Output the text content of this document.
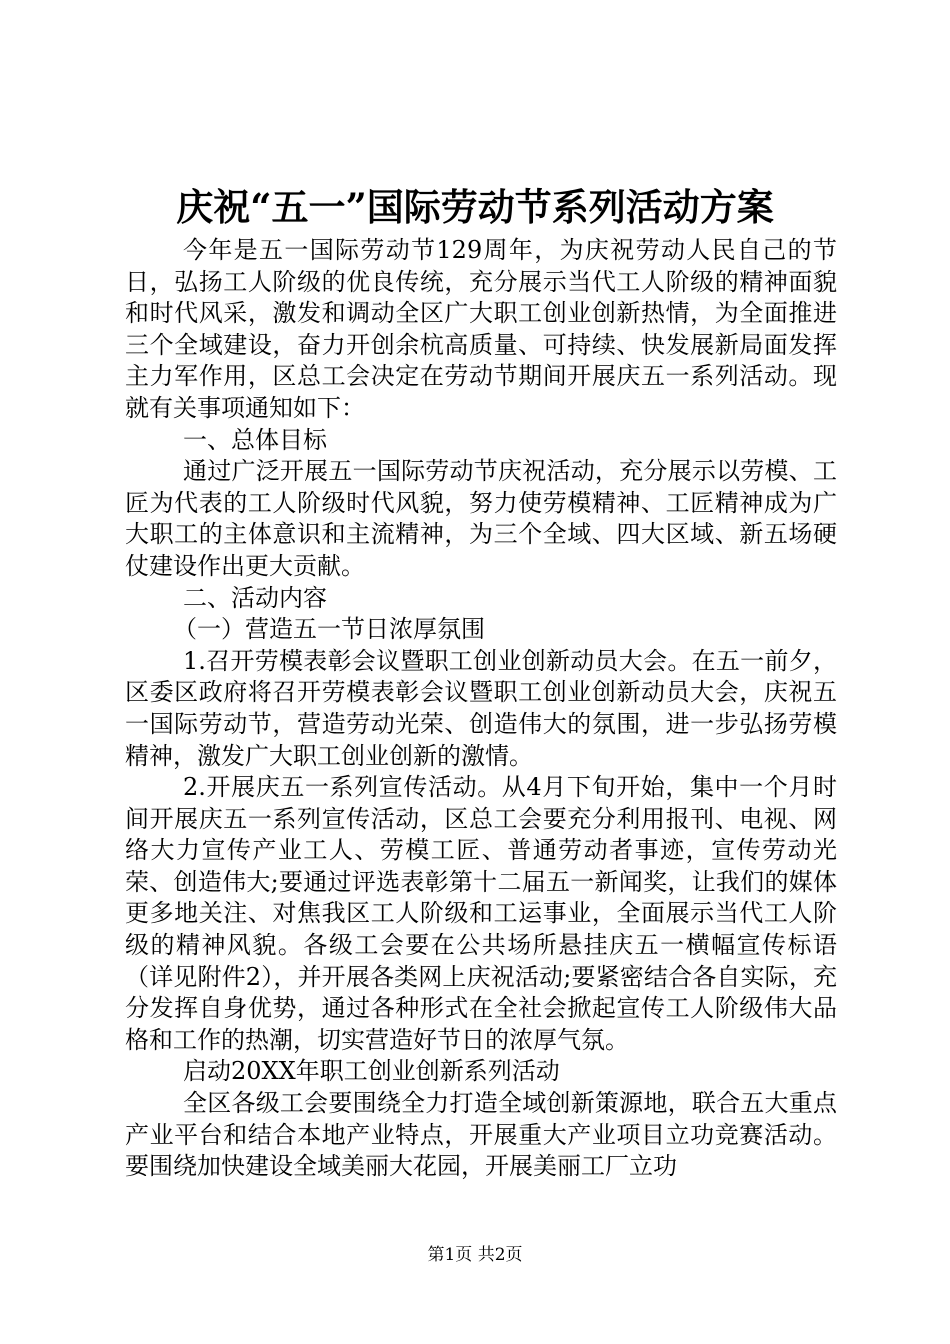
庆祝“五一”国际劳动节系列活动方案

今年是五一国际劳动节129周年，为庆祝劳动人民自己的节日，弘扬工人阶级的优良传统，充分展示当代工人阶级的精神面貌和时代风采，激发和调动全区广大职工创业创新热情，为全面推进三个全域建设，奋力开创余杭高质量、可持续、快发展新局面发挥主力军作用，区总工会决定在劳动节期间开展庆五一系列活动。现就有关事项通知如下：

一、总体目标

通过广泛开展五一国际劳动节庆祝活动，充分展示以劳模、工匠为代表的工人阶级时代风貌，努力使劳模精神、工匠精神成为广大职工的主体意识和主流精神，为三个全域、四大区域、新五场硬仗建设作出更大贡献。

二、活动内容

（一）营造五一节日浓厚氛围

1.召开劳模表彰会议暨职工创业创新动员大会。在五一前夕，区委区政府将召开劳模表彰会议暨职工创业创新动员大会，庆祝五一国际劳动节，营造劳动光荣、创造伟大的氛围，进一步弘扬劳模精神，激发广大职工创业创新的激情。

2.开展庆五一系列宣传活动。从4月下旬开始，集中一个月时间开展庆五一系列宣传活动，区总工会要充分利用报刊、电视、网络大力宣传产业工人、劳模工匠、普通劳动者事迹，宣传劳动光荣、创造伟大;要通过评选表彰第十二届五一新闻奖，让我们的媒体更多地关注、对焦我区工人阶级和工运事业，全面展示当代工人阶级的精神风貌。各级工会要在公共场所悬挂庆五一横幅宣传标语（详见附件2），并开展各类网上庆祝活动;要紧密结合各自实际，充分发挥自身优势，通过各种形式在全社会掀起宣传工人阶级伟大品格和工作的热潮，切实营造好节日的浓厚气氛。

启动20XX年职工创业创新系列活动

全区各级工会要围绕全力打造全域创新策源地，联合五大重点产业平台和结合本地产业特点，开展重大产业项目立功竞赛活动。要围绕加快建设全域美丽大花园，开展美丽工厂立功

第1页 共2页
